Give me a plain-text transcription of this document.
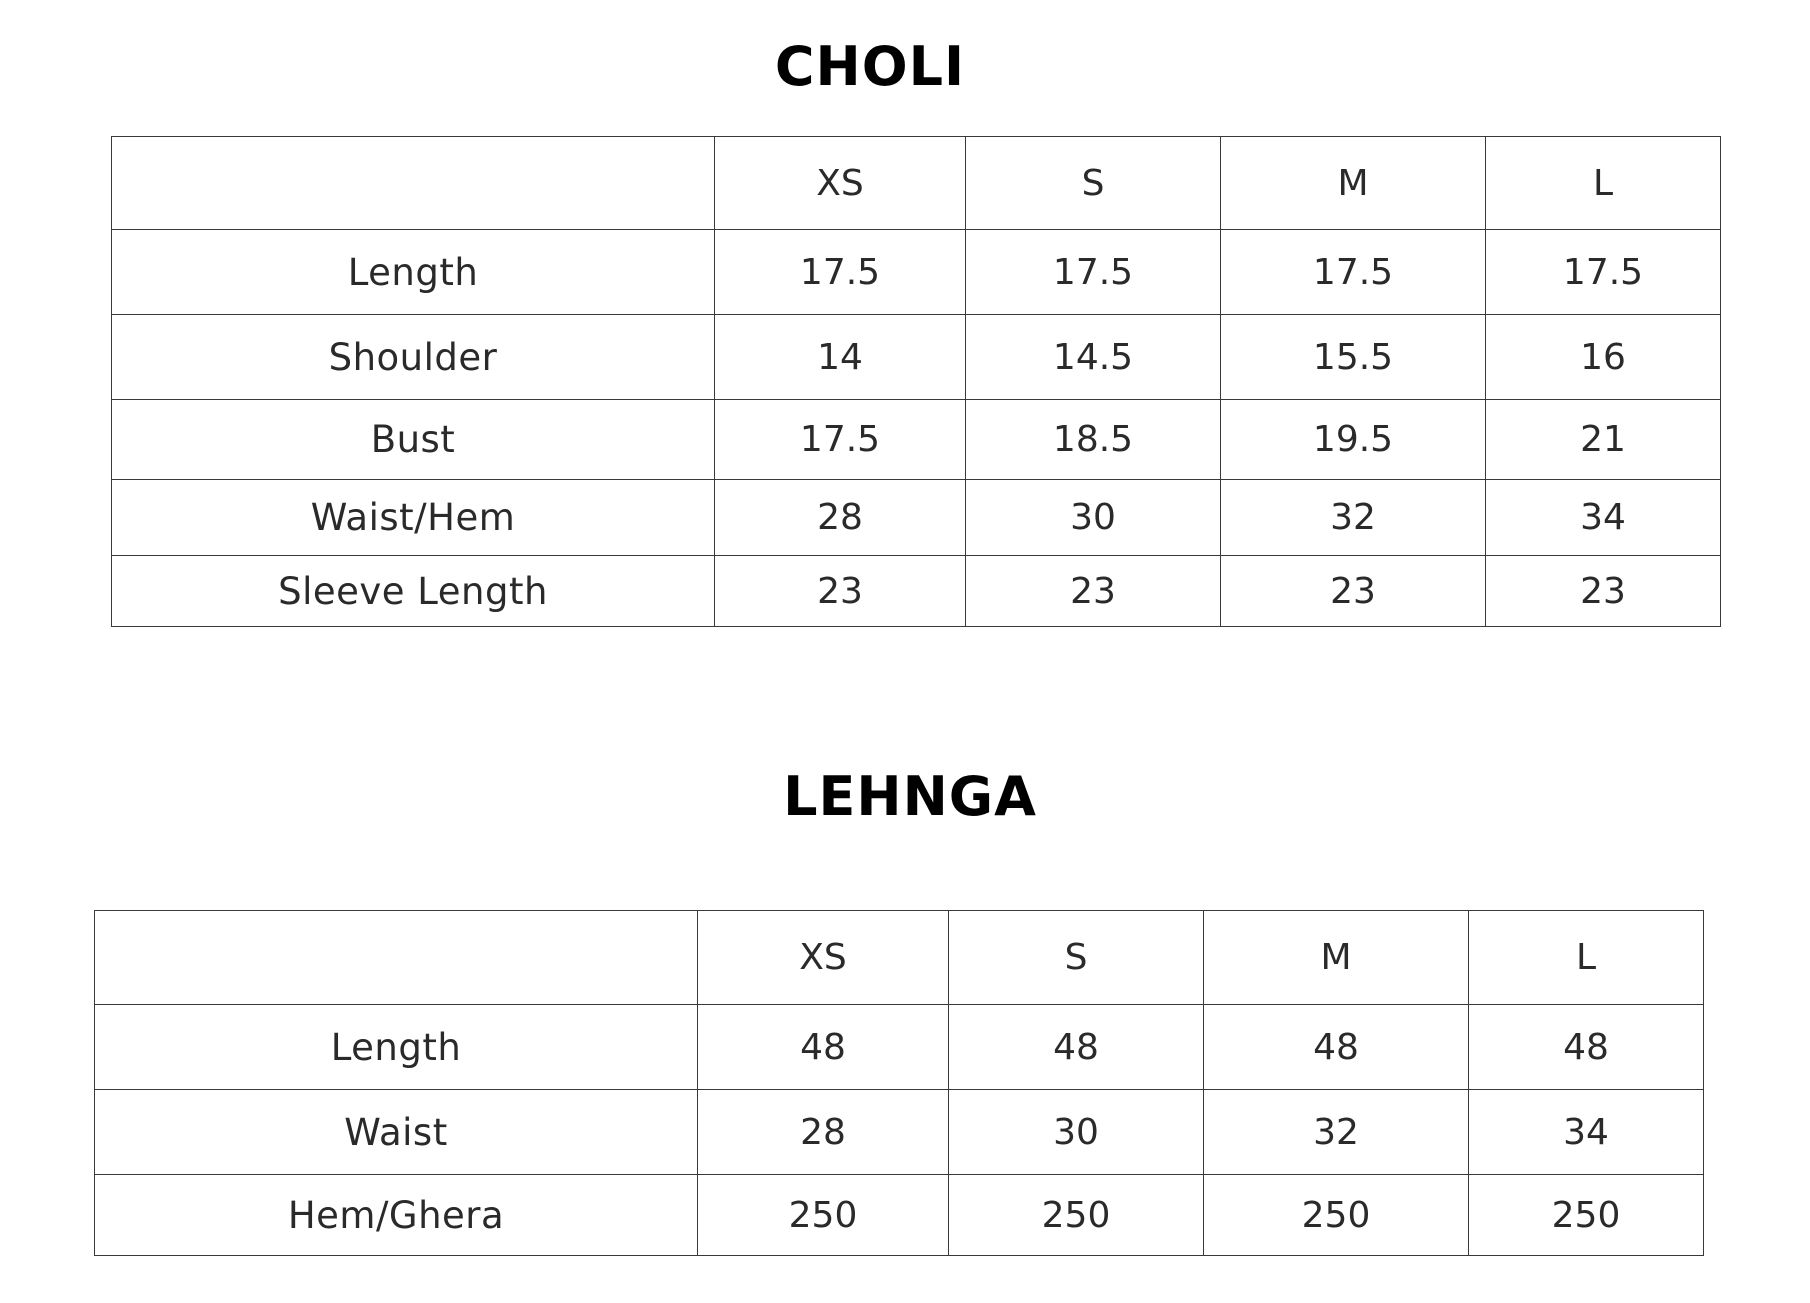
CHOLI
	XS	S	M	L
Length	17.5	17.5	17.5	17.5
Shoulder	14	14.5	15.5	16
Bust	17.5	18.5	19.5	21
Waist/Hem	28	30	32	34
Sleeve Length	23	23	23	23
LEHNGA
	XS	S	M	L
Length	48	48	48	48
Waist	28	30	32	34
Hem/Ghera	250	250	250	250
